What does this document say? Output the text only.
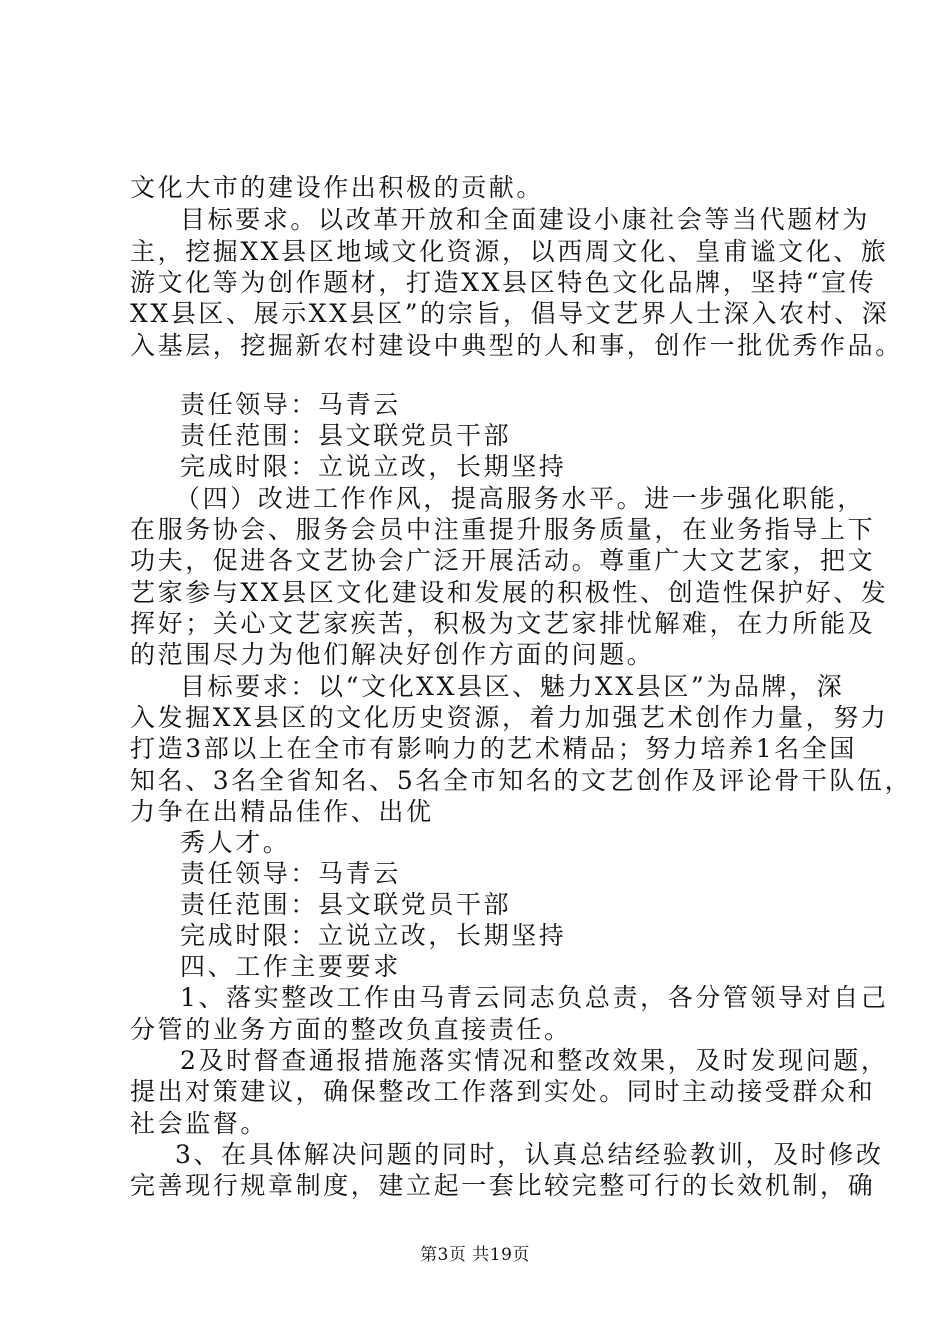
文化大市的建设作出积极的贡献。
目标要求。以改革开放和全面建设小康社会等当代题材为
主，挖掘XX县区地域文化资源，以西周文化、皇甫谧文化、旅
游文化等为创作题材，打造XX县区特色文化品牌，坚持“宣传
XX县区、展示XX县区”的宗旨，倡导文艺界人士深入农村、深
入基层，挖掘新农村建设中典型的人和事，创作一批优秀作品。
责任领导：马青云
责任范围：县文联党员干部
完成时限：立说立改，长期坚持
（四）改进工作作风，提高服务水平。进一步强化职能，
在服务协会、服务会员中注重提升服务质量，在业务指导上下
功夫，促进各文艺协会广泛开展活动。尊重广大文艺家，把文
艺家参与XX县区文化建设和发展的积极性、创造性保护好、发
挥好；关心文艺家疾苦，积极为文艺家排忧解难，在力所能及
的范围尽力为他们解决好创作方面的问题。
目标要求：以“文化XX县区、魅力XX县区”为品牌，深
入发掘XX县区的文化历史资源，着力加强艺术创作力量，努力
打造3部以上在全市有影响力的艺术精品；努力培养1名全国
知名、3名全省知名、5名全市知名的文艺创作及评论骨干队伍，
力争在出精品佳作、出优
秀人才。
责任领导：马青云
责任范围：县文联党员干部
完成时限：立说立改，长期坚持
四、工作主要要求
1、落实整改工作由马青云同志负总责，各分管领导对自己
分管的业务方面的整改负直接责任。
2及时督查通报措施落实情况和整改效果，及时发现问题，
提出对策建议，确保整改工作落到实处。同时主动接受群众和
社会监督。
3、在具体解决问题的同时，认真总结经验教训，及时修改
完善现行规章制度，建立起一套比较完整可行的长效机制，确
第3页 共19页
